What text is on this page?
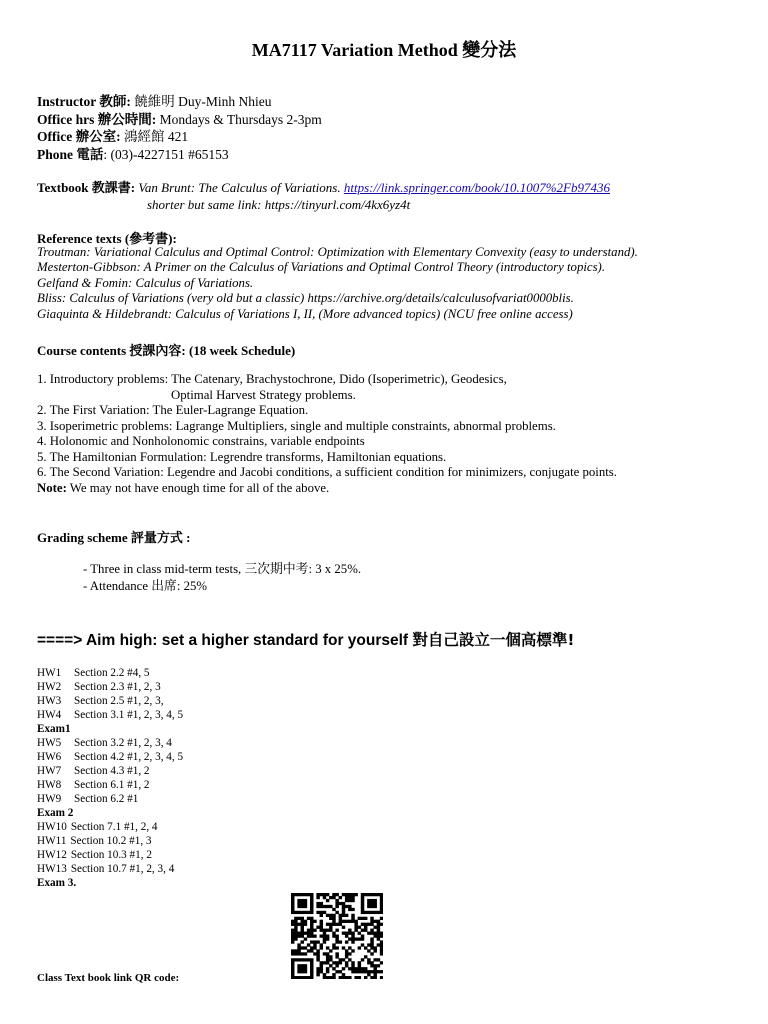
MA7117 Variation Method 變分法
Instructor 教師: 饒維明 Duy-Minh Nhieu
Office hrs 辦公時間: Mondays & Thursdays 2-3pm
Office 辦公室: 鴻經館 421
Phone 電話: (03)-4227151 #65153
Textbook 教課書: Van Brunt: The Calculus of Variations. https://link.springer.com/book/10.1007%2Fb97436
shorter but same link: https://tinyurl.com/4kx6yz4t
Reference texts (參考書):
Troutman: Variational Calculus and Optimal Control: Optimization with Elementary Convexity (easy to understand).
Mesterton-Gibbson: A Primer on the Calculus of Variations and Optimal Control Theory (introductory topics).
Gelfand & Fomin: Calculus of Variations.
Bliss: Calculus of Variations (very old but a classic) https://archive.org/details/calculusofvariat0000blis.
Giaquinta & Hildebrandt: Calculus of Variations I, II, (More advanced topics) (NCU free online access)
Course contents 授課內容: (18 week Schedule)
1. Introductory problems: The Catenary, Brachystochrone, Dido (Isoperimetric), Geodesics,
Optimal Harvest Strategy problems.
2. The First Variation: The Euler-Lagrange Equation.
3. Isoperimetric problems: Lagrange Multipliers, single and multiple constraints, abnormal problems.
4. Holonomic and Nonholonomic constrains, variable endpoints
5. The Hamiltonian Formulation: Legrendre transforms, Hamiltonian equations.
6. The Second Variation: Legendre and Jacobi conditions, a sufficient condition for minimizers, conjugate points.
Note: We may not have enough time for all of the above.
Grading scheme 評量方式 :
- Three in class mid-term tests, 三次期中考: 3 x 25%.
- Attendance 出席: 25%
====> Aim high: set a higher standard for yourself 對自己設立一個高標準!
HW1 Section 2.2 #4, 5
HW2 Section 2.3 #1, 2, 3
HW3 Section 2.5 #1, 2, 3,
HW4 Section 3.1 #1, 2, 3, 4, 5
Exam1
HW5 Section 3.2 #1, 2, 3, 4
HW6 Section 4.2 #1, 2, 3, 4, 5
HW7 Section 4.3 #1, 2
HW8 Section 6.1 #1, 2
HW9 Section 6.2 #1
Exam 2
HW10 Section 7.1 #1, 2, 4
HW11 Section 10.2 #1, 3
HW12 Section 10.3 #1, 2
HW13 Section 10.7 #1, 2, 3, 4
Exam 3.
Class Text book link QR code:
